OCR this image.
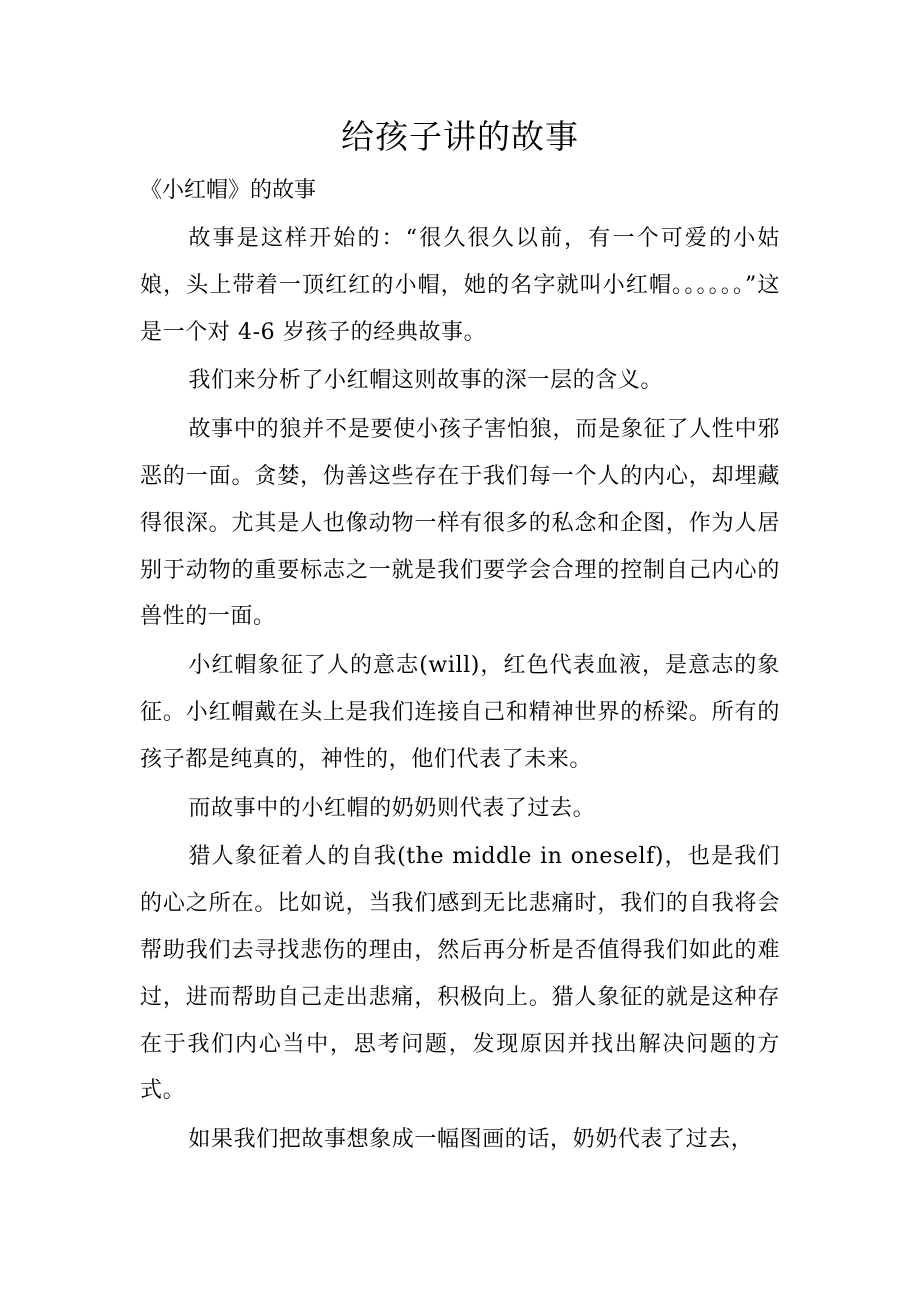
给孩子讲的故事

《小红帽》的故事

故事是这样开始的：“很久很久以前，有一个可爱的小姑娘，头上带着一顶红红的小帽，她的名字就叫小红帽。。。。。。”这是一个对 4-6 岁孩子的经典故事。

我们来分析了小红帽这则故事的深一层的含义。

故事中的狼并不是要使小孩子害怕狼，而是象征了人性中邪恶的一面。贪婪，伪善这些存在于我们每一个人的内心，却埋藏得很深。尤其是人也像动物一样有很多的私念和企图，作为人居别于动物的重要标志之一就是我们要学会合理的控制自己内心的兽性的一面。

小红帽象征了人的意志(will)，红色代表血液，是意志的象征。小红帽戴在头上是我们连接自己和精神世界的桥梁。所有的孩子都是纯真的，神性的，他们代表了未来。

而故事中的小红帽的奶奶则代表了过去。

猎人象征着人的自我(the middle in oneself)，也是我们的心之所在。比如说，当我们感到无比悲痛时，我们的自我将会帮助我们去寻找悲伤的理由，然后再分析是否值得我们如此的难过，进而帮助自己走出悲痛，积极向上。猎人象征的就是这种存在于我们内心当中，思考问题，发现原因并找出解决问题的方式。

如果我们把故事想象成一幅图画的话，奶奶代表了过去，
